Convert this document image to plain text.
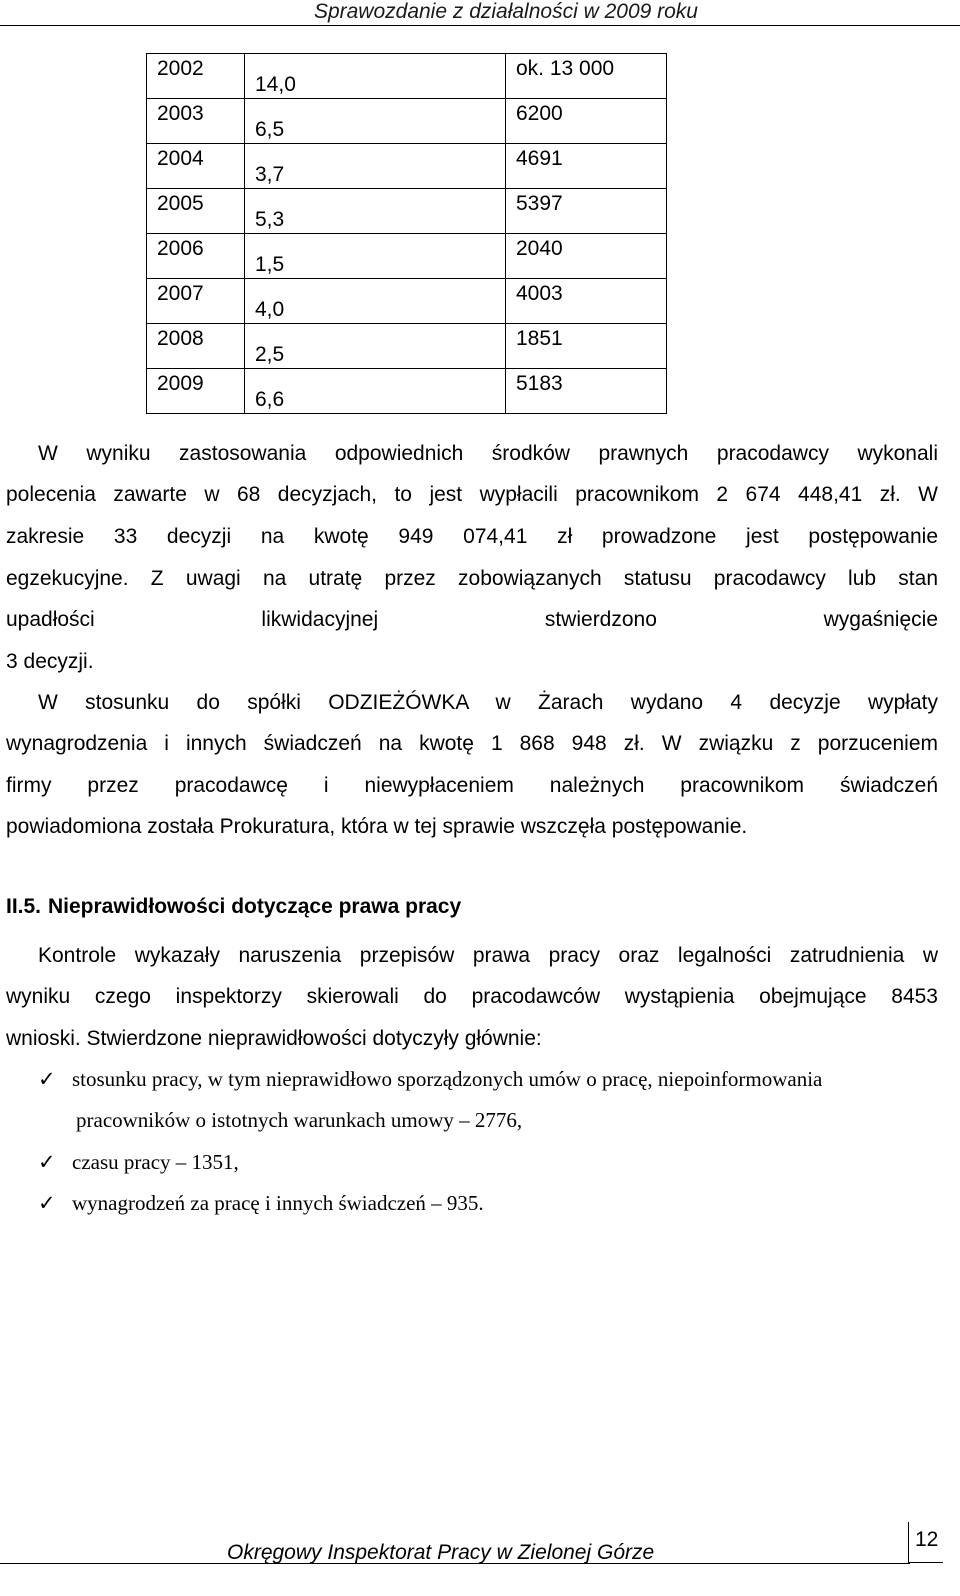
Sprawozdanie z działalności w 2009 roku
2002	14,0	ok. 13 000
2003	6,5	6200
2004	3,7	4691
2005	5,3	5397
2006	1,5	2040
2007	4,0	4003
2008	2,5	1851
2009	6,6	5183
W wyniku zastosowania odpowiednich środków prawnych pracodawcy wykonali
polecenia zawarte w 68 decyzjach, to jest wypłacili pracownikom 2 674 448,41 zł. W
zakresie 33 decyzji na kwotę 949 074,41 zł prowadzone jest postępowanie
egzekucyjne. Z uwagi na utratę przez zobowiązanych statusu pracodawcy lub stan
upadłości likwidacyjnej stwierdzono wygaśnięcie
3 decyzji.
W stosunku do spółki ODZIEŻÓWKA w Żarach wydano 4 decyzje wypłaty
wynagrodzenia i innych świadczeń na kwotę 1 868 948 zł. W związku z porzuceniem
firmy przez pracodawcę i niewypłaceniem należnych pracownikom świadczeń
powiadomiona została Prokuratura, która w tej sprawie wszczęła postępowanie.
II.5. Nieprawidłowości dotyczące prawa pracy
Kontrole wykazały naruszenia przepisów prawa pracy oraz legalności zatrudnienia w
wyniku czego inspektorzy skierowali do pracodawców wystąpienia obejmujące 8453
wnioski. Stwierdzone nieprawidłowości dotyczyły głównie:
✓ stosunku pracy, w tym nieprawidłowo sporządzonych umów o pracę, niepoinformowania
pracowników o istotnych warunkach umowy – 2776,
✓ czasu pracy – 1351,
✓ wynagrodzeń za pracę i innych świadczeń – 935.
Okręgowy Inspektorat Pracy w Zielonej Górze
12
